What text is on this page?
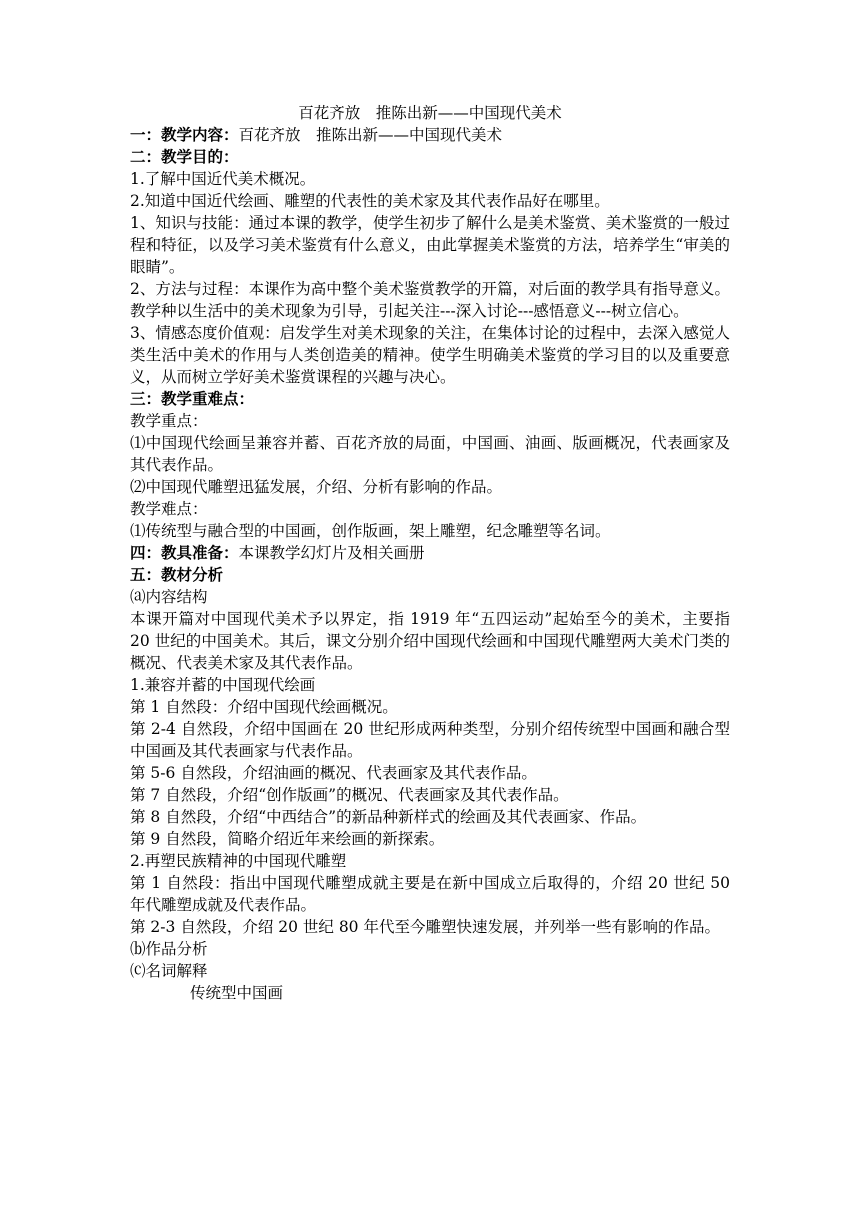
百花齐放　推陈出新——中国现代美术

一：教学内容：百花齐放　推陈出新——中国现代美术

二：教学目的：

1.了解中国近代美术概况。

2.知道中国近代绘画、雕塑的代表性的美术家及其代表作品好在哪里。

1、知识与技能：通过本课的教学，使学生初步了解什么是美术鉴赏、美术鉴赏的一般过程和特征，以及学习美术鉴赏有什么意义，由此掌握美术鉴赏的方法，培养学生“审美的眼睛”。

2、方法与过程：本课作为高中整个美术鉴赏教学的开篇，对后面的教学具有指导意义。教学种以生活中的美术现象为引导，引起关注---深入讨论---感悟意义---树立信心。

3、情感态度价值观：启发学生对美术现象的关注，在集体讨论的过程中，去深入感觉人类生活中美术的作用与人类创造美的精神。使学生明确美术鉴赏的学习目的以及重要意义，从而树立学好美术鉴赏课程的兴趣与决心。

三：教学重难点：

教学重点：

⑴中国现代绘画呈兼容并蓄、百花齐放的局面，中国画、油画、版画概况，代表画家及其代表作品。

⑵中国现代雕塑迅猛发展，介绍、分析有影响的作品。

教学难点：

⑴传统型与融合型的中国画，创作版画，架上雕塑，纪念雕塑等名词。

四：教具准备：本课教学幻灯片及相关画册

五：教材分析

⒜内容结构

本课开篇对中国现代美术予以界定，指 1919 年“五四运动”起始至今的美术，主要指 20 世纪的中国美术。其后，课文分别介绍中国现代绘画和中国现代雕塑两大美术门类的概况、代表美术家及其代表作品。

1.兼容并蓄的中国现代绘画

第 1 自然段：介绍中国现代绘画概况。

第 2-4 自然段，介绍中国画在 20 世纪形成两种类型，分别介绍传统型中国画和融合型中国画及其代表画家与代表作品。

第 5-6 自然段，介绍油画的概况、代表画家及其代表作品。

第 7 自然段，介绍“创作版画”的概况、代表画家及其代表作品。

第 8 自然段，介绍“中西结合”的新品种新样式的绘画及其代表画家、作品。

第 9 自然段，简略介绍近年来绘画的新探索。

2.再塑民族精神的中国现代雕塑

第 1 自然段：指出中国现代雕塑成就主要是在新中国成立后取得的，介绍 20 世纪 50 年代雕塑成就及代表作品。

第 2-3 自然段，介绍 20 世纪 80 年代至今雕塑快速发展，并列举一些有影响的作品。

⒝作品分析

⒞名词解释

传统型中国画
